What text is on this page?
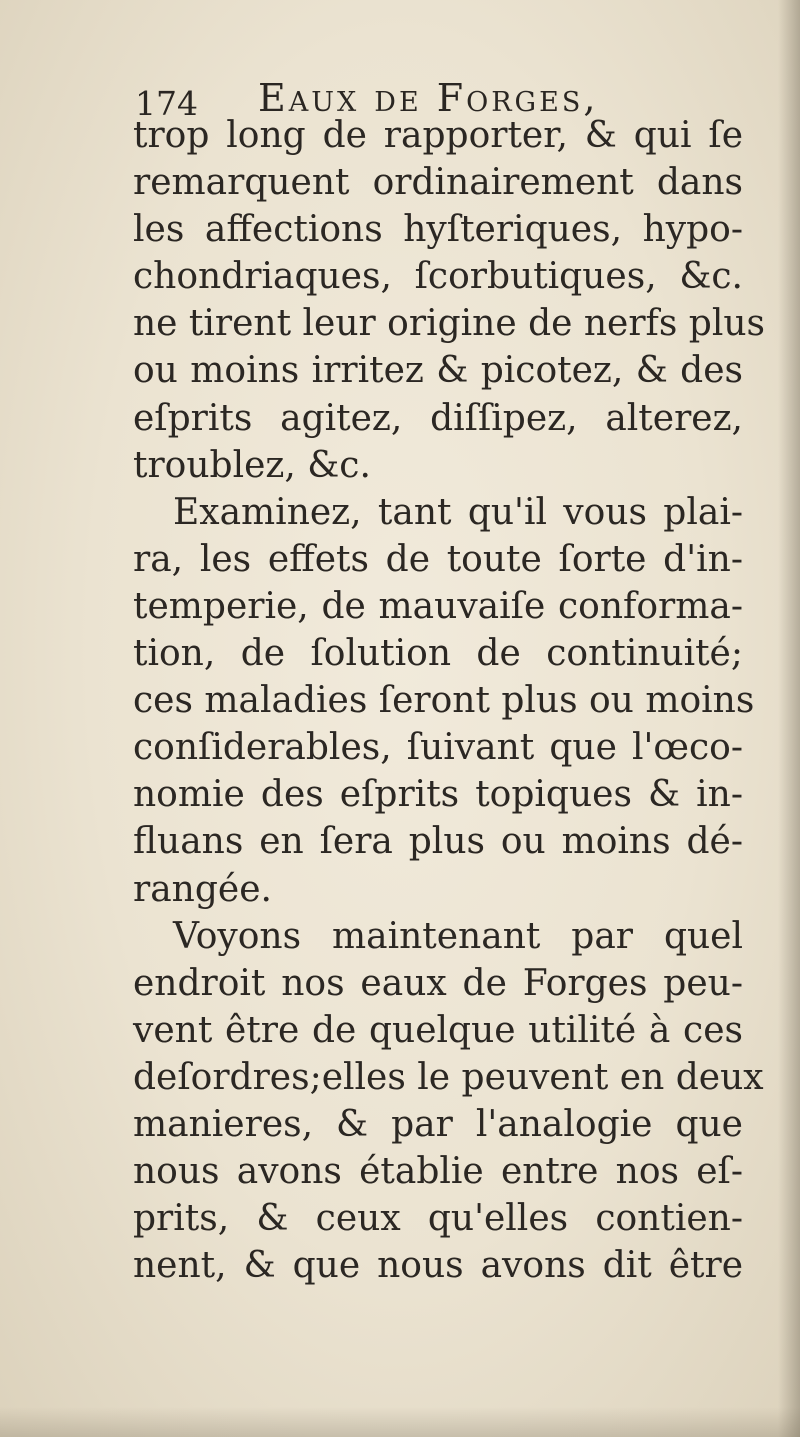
174 Eaux de Forges,
trop long de rapporter, & qui ſe
remarquent ordinairement dans
les affections hyſteriques, hypo-
chondriaques, ſcorbutiques, &c.
ne tirent leur origine de nerfs plus
ou moins irritez & picotez, & des
eſprits agitez, diſſipez, alterez,
troublez, &c.
Examinez, tant qu'il vous plai-
ra, les effets de toute ſorte d'in-
temperie, de mauvaiſe conforma-
tion, de ſolution de continuité;
ces maladies ſeront plus ou moins
conſiderables, ſuivant que l'œco-
nomie des eſprits topiques & in-
fluans en ſera plus ou moins dé-
rangée.
Voyons maintenant par quel
endroit nos eaux de Forges peu-
vent être de quelque utilité à ces
deſordres;elles le peuvent en deux
manieres, & par l'analogie que
nous avons établie entre nos eſ-
prits, & ceux qu'elles contien-
nent, & que nous avons dit être
